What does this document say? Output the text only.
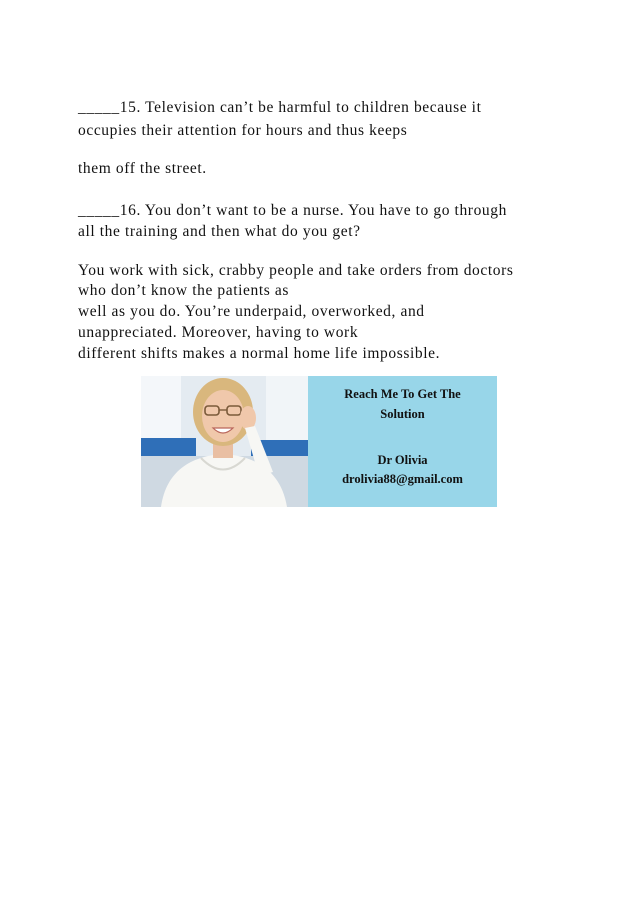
_____15. Television can’t be harmful to children because it
occupies their attention for hours and thus keeps
them off the street.
_____16. You don’t want to be a nurse. You have to go through
all the training and then what do you get?
You work with sick, crabby people and take orders from doctors
who don’t know the patients as
well as you do. You’re underpaid, overworked, and
unappreciated. Moreover, having to work
different shifts makes a normal home life impossible.
Reach Me To Get The
Solution
Dr Olivia
drolivia88@gmail.com
